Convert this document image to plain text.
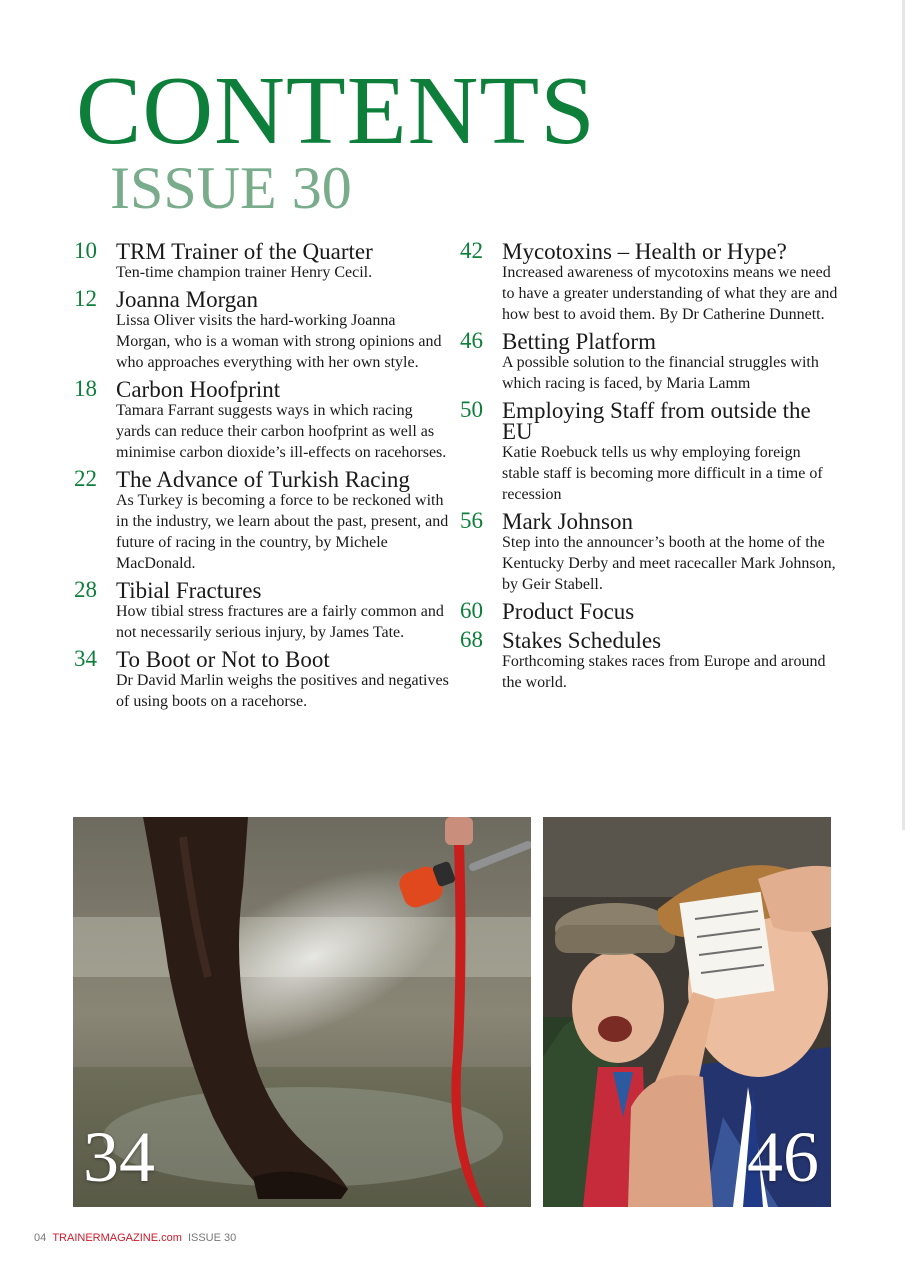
CONTENTS
ISSUE 30
10 TRM Trainer of the Quarter
Ten-time champion trainer Henry Cecil.
12 Joanna Morgan
Lissa Oliver visits the hard-working Joanna Morgan, who is a woman with strong opinions and who approaches everything with her own style.
18 Carbon Hoofprint
Tamara Farrant suggests ways in which racing yards can reduce their carbon hoofprint as well as minimise carbon dioxide’s ill-effects on racehorses.
22 The Advance of Turkish Racing
As Turkey is becoming a force to be reckoned with in the industry, we learn about the past, present, and future of racing in the country, by Michele MacDonald.
28 Tibial Fractures
How tibial stress fractures are a fairly common and not necessarily serious injury, by James Tate.
34 To Boot or Not to Boot
Dr David Marlin weighs the positives and negatives of using boots on a racehorse.
42 Mycotoxins – Health or Hype?
Increased awareness of mycotoxins means we need to have a greater understanding of what they are and how best to avoid them. By Dr Catherine Dunnett.
46 Betting Platform
A possible solution to the financial struggles with which racing is faced, by Maria Lamm
50 Employing Staff from outside the EU
Katie Roebuck tells us why employing foreign stable staff is becoming more difficult in a time of recession
56 Mark Johnson
Step into the announcer’s booth at the home of the Kentucky Derby and meet racecaller Mark Johnson, by Geir Stabell.
60 Product Focus
68 Stakes Schedules
Forthcoming stakes races from Europe and around the world.
34	46
04 TRAINERMAGAZINE.com ISSUE 30
